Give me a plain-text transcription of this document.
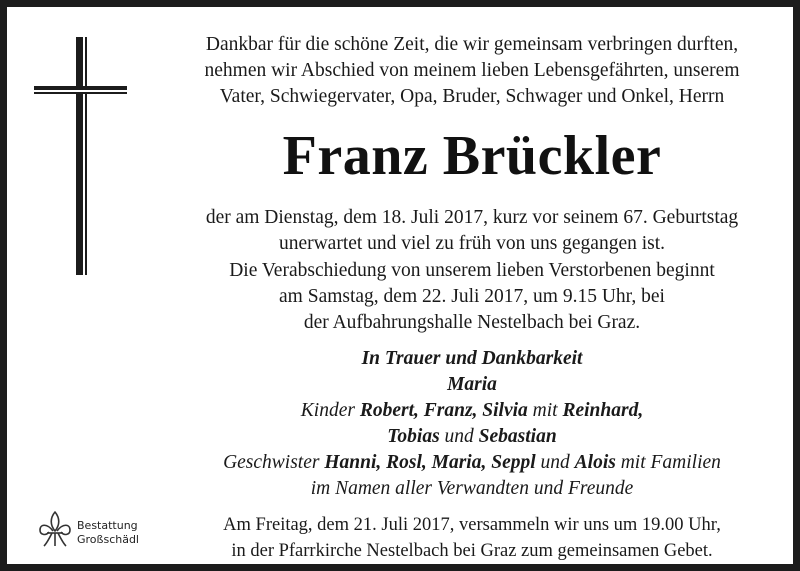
Dankbar für die schöne Zeit, die wir gemeinsam verbringen durften,
nehmen wir Abschied von meinem lieben Lebensgefährten, unserem
Vater, Schwiegervater, Opa, Bruder, Schwager und Onkel, Herrn
Franz Brückler
der am Dienstag, dem 18. Juli 2017, kurz vor seinem 67. Geburtstag
unerwartet und viel zu früh von uns gegangen ist.
Die Verabschiedung von unserem lieben Verstorbenen beginnt
am Samstag, dem 22. Juli 2017, um 9.15 Uhr, bei
der Aufbahrungshalle Nestelbach bei Graz.
In Trauer und Dankbarkeit
Maria
Kinder Robert, Franz, Silvia mit Reinhard,
Tobias und Sebastian
Geschwister Hanni, Rosl, Maria, Seppl und Alois mit Familien
im Namen aller Verwandten und Freunde
Bestattung
Großschädl
Am Freitag, dem 21. Juli 2017, versammeln wir uns um 19.00 Uhr,
in der Pfarrkirche Nestelbach bei Graz zum gemeinsamen Gebet.
